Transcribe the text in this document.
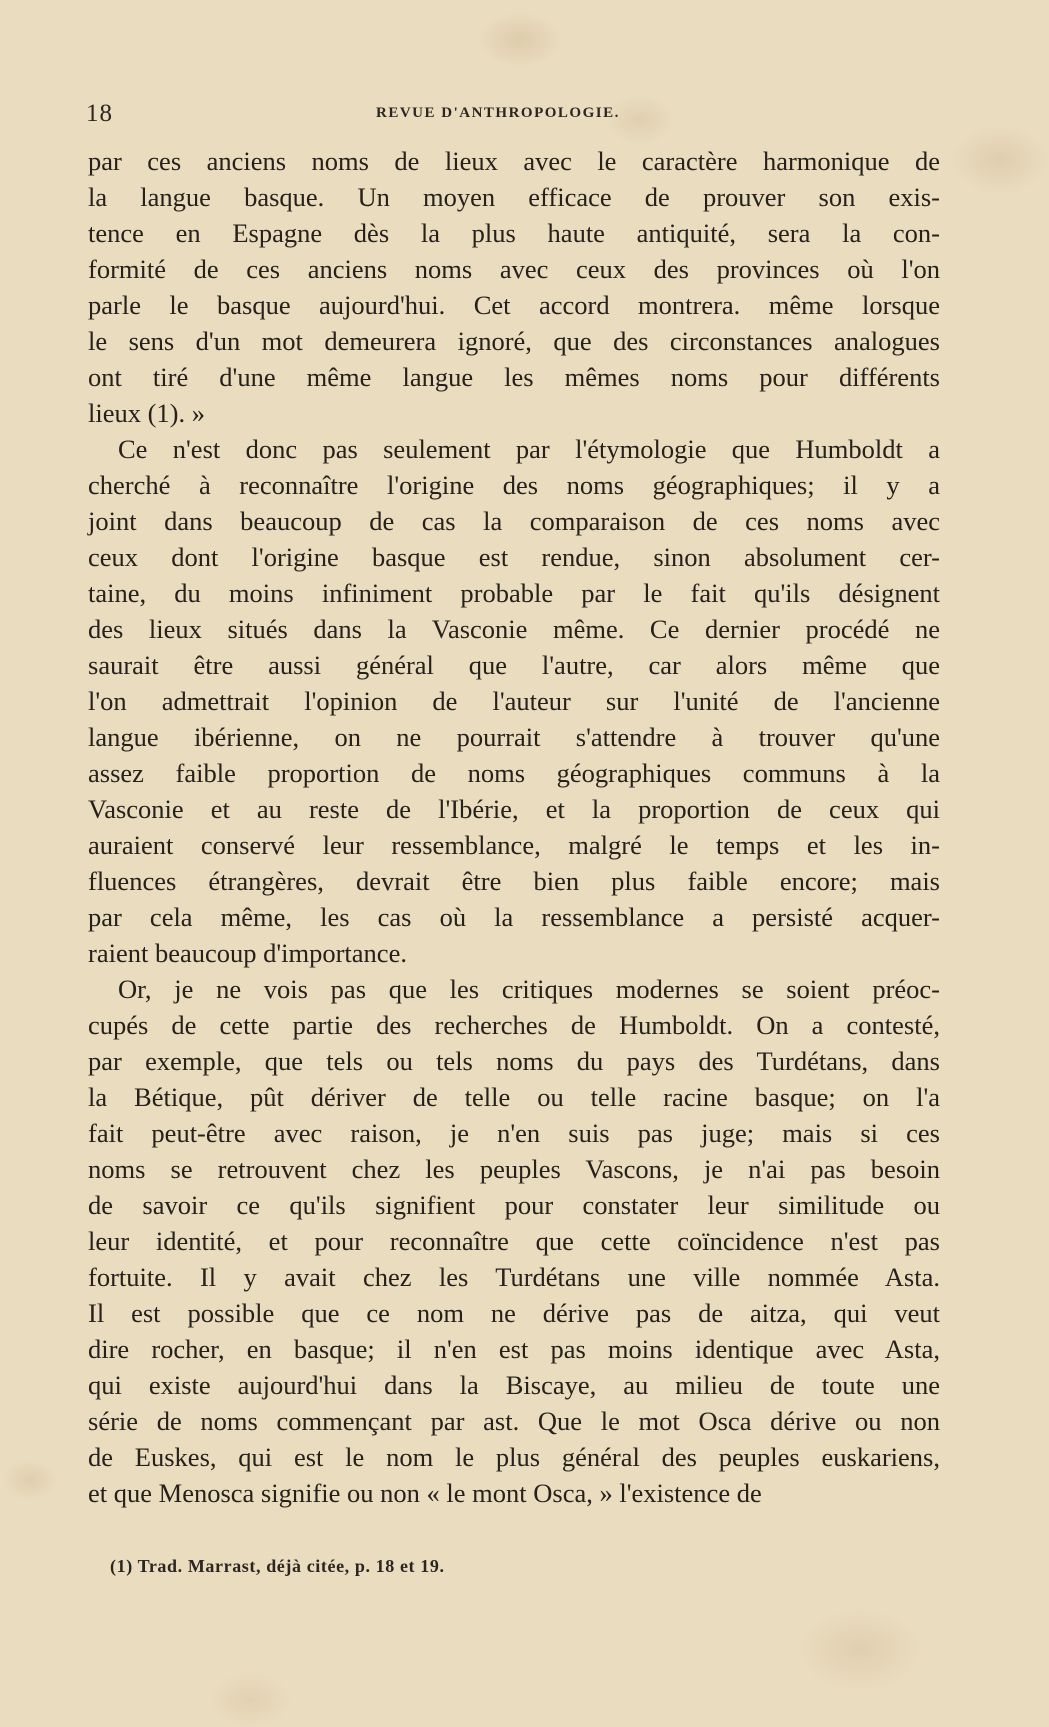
18	REVUE D'ANTHROPOLOGIE.
par ces anciens noms de lieux avec le caractère harmonique de
la langue basque. Un moyen efficace de prouver son exis-
tence en Espagne dès la plus haute antiquité, sera la con-
formité de ces anciens noms avec ceux des provinces où l'on
parle le basque aujourd'hui. Cet accord montrera. même lorsque
le sens d'un mot demeurera ignoré, que des circonstances analogues
ont tiré d'une même langue les mêmes noms pour différents
lieux (1). »
Ce n'est donc pas seulement par l'étymologie que Humboldt a
cherché à reconnaître l'origine des noms géographiques; il y a
joint dans beaucoup de cas la comparaison de ces noms avec
ceux dont l'origine basque est rendue, sinon absolument cer-
taine, du moins infiniment probable par le fait qu'ils désignent
des lieux situés dans la Vasconie même. Ce dernier procédé ne
saurait être aussi général que l'autre, car alors même que
l'on admettrait l'opinion de l'auteur sur l'unité de l'ancienne
langue ibérienne, on ne pourrait s'attendre à trouver qu'une
assez faible proportion de noms géographiques communs à la
Vasconie et au reste de l'Ibérie, et la proportion de ceux qui
auraient conservé leur ressemblance, malgré le temps et les in-
fluences étrangères, devrait être bien plus faible encore; mais
par cela même, les cas où la ressemblance a persisté acquer-
raient beaucoup d'importance.
Or, je ne vois pas que les critiques modernes se soient préoc-
cupés de cette partie des recherches de Humboldt. On a contesté,
par exemple, que tels ou tels noms du pays des Turdétans, dans
la Bétique, pût dériver de telle ou telle racine basque; on l'a
fait peut-être avec raison, je n'en suis pas juge; mais si ces
noms se retrouvent chez les peuples Vascons, je n'ai pas besoin
de savoir ce qu'ils signifient pour constater leur similitude ou
leur identité, et pour reconnaître que cette coïncidence n'est pas
fortuite. Il y avait chez les Turdétans une ville nommée Asta.
Il est possible que ce nom ne dérive pas de aitza, qui veut
dire rocher, en basque; il n'en est pas moins identique avec Asta,
qui existe aujourd'hui dans la Biscaye, au milieu de toute une
série de noms commençant par ast. Que le mot Osca dérive ou non
de Euskes, qui est le nom le plus général des peuples euskariens,
et que Menosca signifie ou non « le mont Osca, » l'existence de
(1) Trad. Marrast, déjà citée, p. 18 et 19.
